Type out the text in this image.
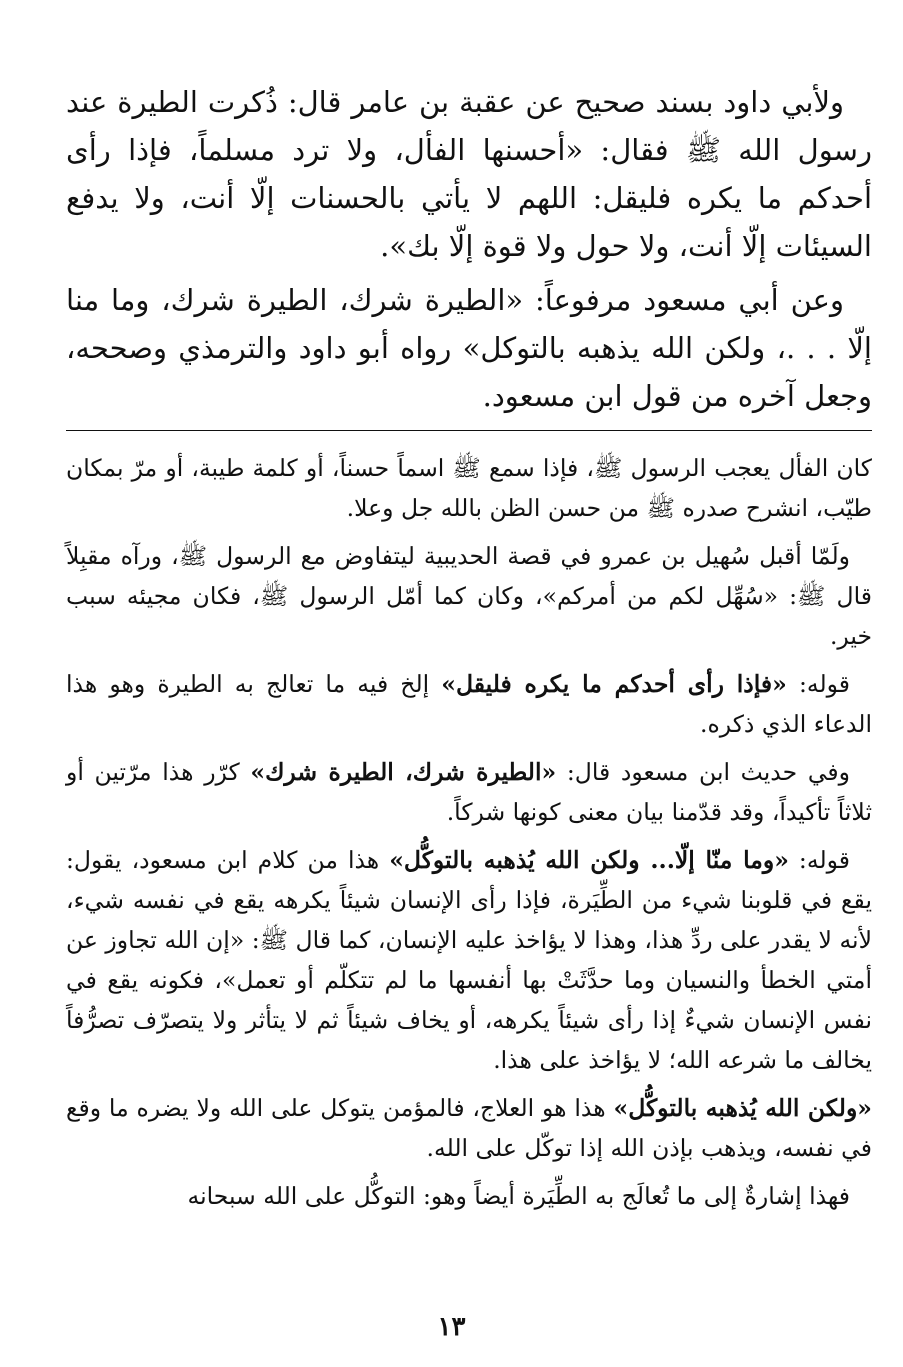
ولأبي داود بسند صحيح عن عقبة بن عامر قال: ذُكرت الطيرة عند رسول الله ﷺ فقال: «أحسنها الفأل، ولا ترد مسلماً، فإذا رأى أحدكم ما يكره فليقل: اللهم لا يأتي بالحسنات إلّا أنت، ولا يدفع السيئات إلّا أنت، ولا حول ولا قوة إلّا بك».

وعن أبي مسعود مرفوعاً: «الطيرة شرك، الطيرة شرك، وما منا إلّا . . .، ولكن الله يذهبه بالتوكل» رواه أبو داود والترمذي وصححه، وجعل آخره من قول ابن مسعود.

كان الفأل يعجب الرسول ﷺ، فإذا سمع ﷺ اسماً حسناً، أو كلمة طيبة، أو مرّ بمكان طيّب، انشرح صدره ﷺ من حسن الظن بالله جل وعلا.

ولَمّا أقبل سُهيل بن عمرو في قصة الحديبية ليتفاوض مع الرسول ﷺ، ورآه مقبِلاً قال ﷺ: «سُهِّل لكم من أمركم»، وكان كما أمّل الرسول ﷺ، فكان مجيئه سبب خير.

قوله: «فإذا رأى أحدكم ما يكره فليقل» إلخ فيه ما تعالج به الطيرة وهو هذا الدعاء الذي ذكره.

وفي حديث ابن مسعود قال: «الطيرة شرك، الطيرة شرك» كرّر هذا مرّتين أو ثلاثاً تأكيداً، وقد قدّمنا بيان معنى كونها شركاً.

قوله: «وما منّا إلّا... ولكن الله يُذهبه بالتوكُّل» هذا من كلام ابن مسعود، يقول: يقع في قلوبنا شيء من الطِّيَرة، فإذا رأى الإنسان شيئاً يكرهه يقع في نفسه شيء، لأنه لا يقدر على ردِّ هذا، وهذا لا يؤاخذ عليه الإنسان، كما قال ﷺ: «إن الله تجاوز عن أمتي الخطأ والنسيان وما حدَّثَتْ بها أنفسها ما لم تتكلّم أو تعمل»، فكونه يقع في نفس الإنسان شيءٌ إذا رأى شيئاً يكرهه، أو يخاف شيئاً ثم لا يتأثر ولا يتصرّف تصرُّفاً يخالف ما شرعه الله؛ لا يؤاخذ على هذا.

«ولكن الله يُذهبه بالتوكُّل» هذا هو العلاج، فالمؤمن يتوكل على الله ولا يضره ما وقع في نفسه، ويذهب بإذن الله إذا توكّل على الله.

فهذا إشارةٌ إلى ما تُعالَج به الطِّيَرة أيضاً وهو: التوكُّل على الله سبحانه

١٣
